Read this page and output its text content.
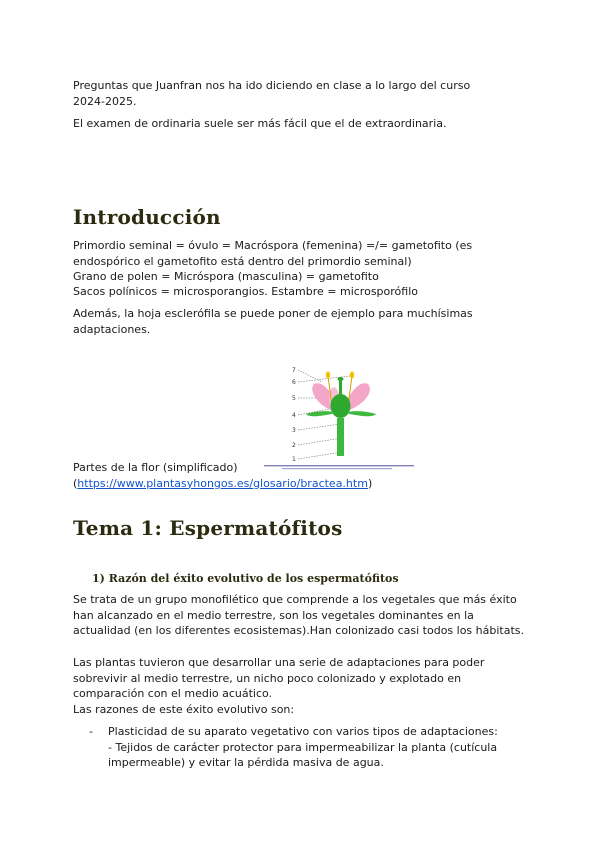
Preguntas que Juanfran nos ha ido diciendo en clase a lo largo del curso 2024-2025.

El examen de ordinaria suele ser más fácil que el de extraordinaria.

Introducción

Primordio seminal = óvulo = Macróspora (femenina) =/= gametofito (es endospórico el gametofito está dentro del primordio seminal)

Grano de polen = Micróspora (masculina) = gametofito

Sacos polínicos = microsporangios. Estambre = microsporófilo

Además, la hoja esclerófila se puede poner de ejemplo para muchísimas adaptaciones.

7
6
5
4
3
2
1

Partes de la flor (simplificado)
(https://www.plantasyhongos.es/glosario/bractea.htm)

Tema 1: Espermatófitos
1) Razón del éxito evolutivo de los espermatófitos

Se trata de un grupo monofilético que comprende a los vegetales que más éxito han alcanzado en el medio terrestre, son los vegetales dominantes en la actualidad (en los diferentes ecosistemas).Han colonizado casi todos los hábitats.

Las plantas tuvieron que desarrollar una serie de adaptaciones para poder sobrevivir al medio terrestre, un nicho poco colonizado y explotado en comparación con el medio acuático.

Las razones de este éxito evolutivo son:

- Plasticidad de su aparato vegetativo con varios tipos de adaptaciones:
- Tejidos de carácter protector para impermeabilizar la planta (cutícula impermeable) y evitar la pérdida masiva de agua.
